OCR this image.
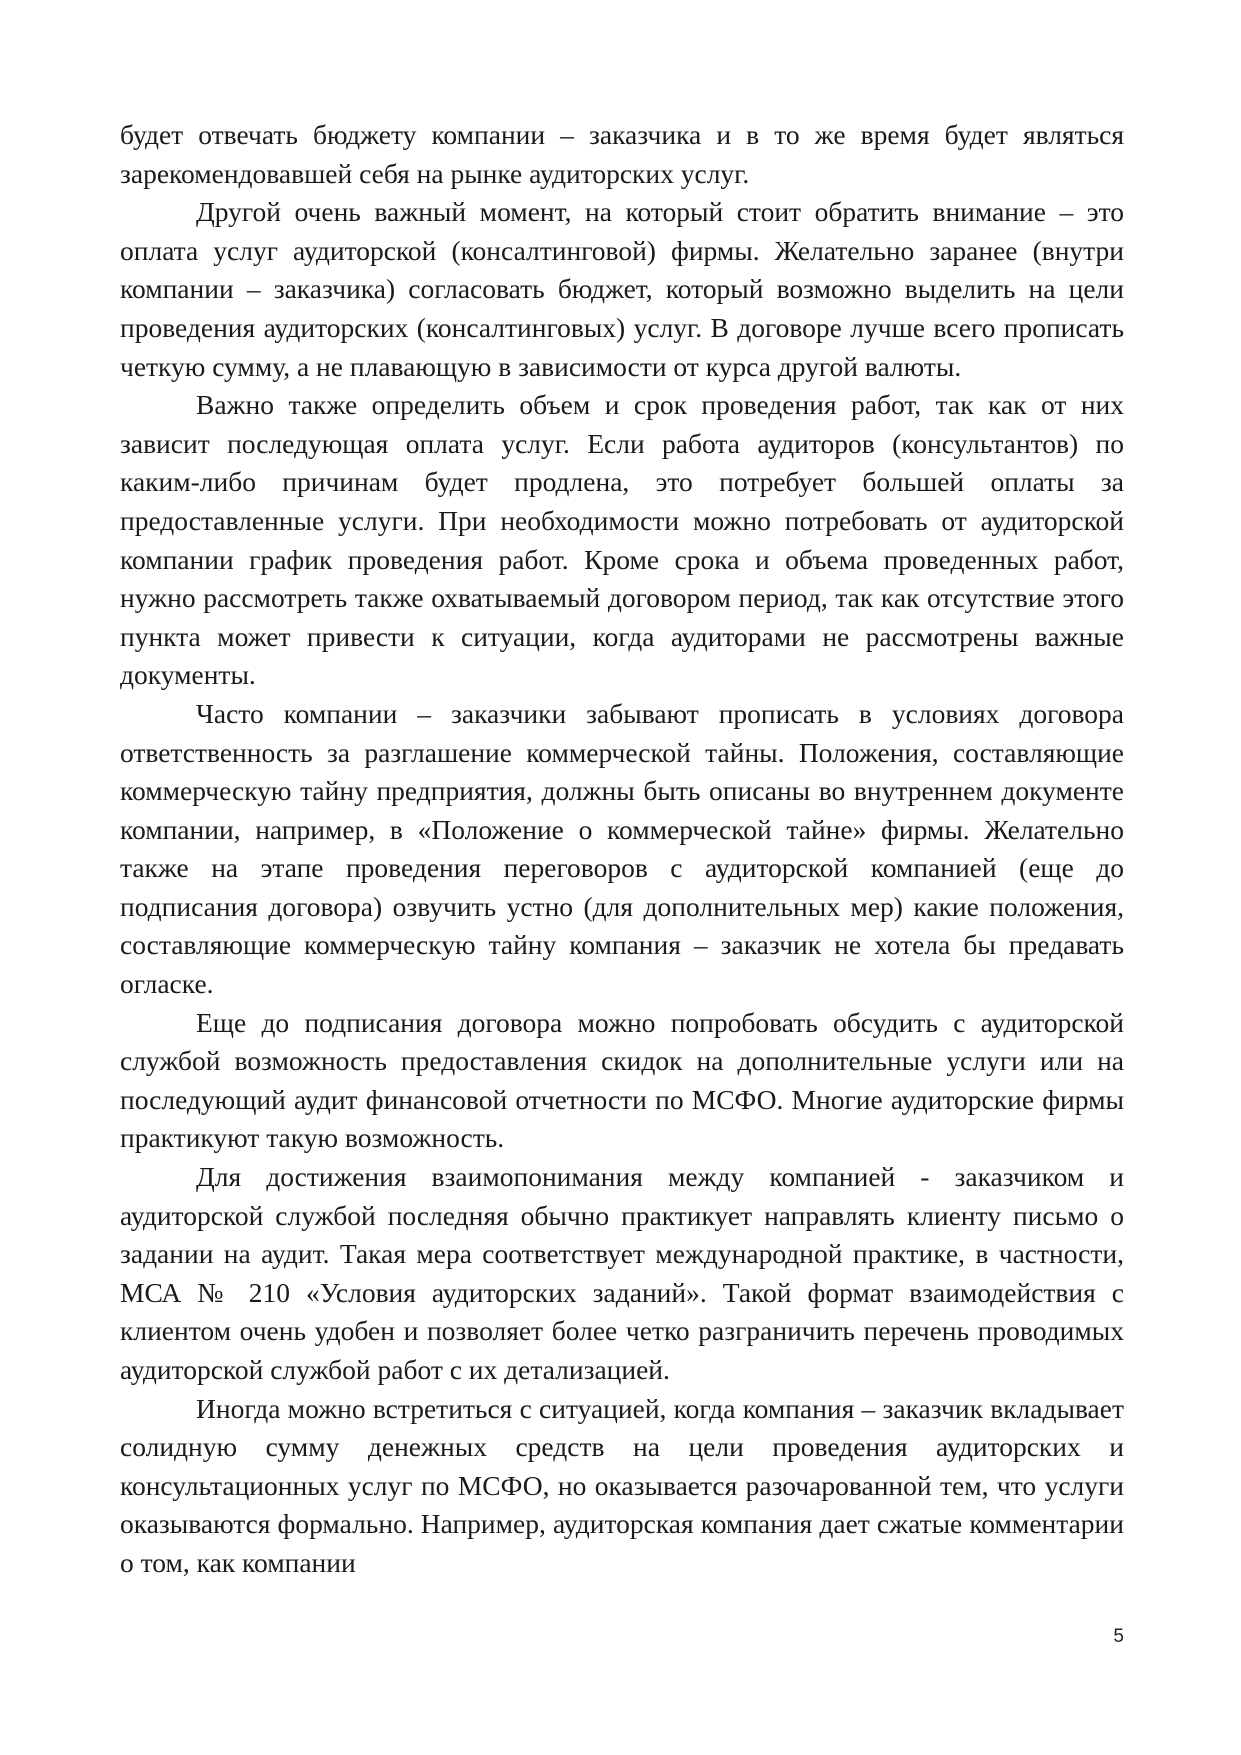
будет отвечать бюджету компании – заказчика и в то же время будет являться зарекомендовавшей себя на рынке аудиторских услуг.

Другой очень важный момент, на который стоит обратить внимание – это оплата услуг аудиторской (консалтинговой) фирмы. Желательно заранее (внутри компании – заказчика) согласовать бюджет, который возможно выделить на цели проведения аудиторских (консалтинговых) услуг. В договоре лучше всего прописать четкую сумму, а не плавающую в зависимости от курса другой валюты.

Важно также определить объем и срок проведения работ, так как от них зависит последующая оплата услуг. Если работа аудиторов (консультантов) по каким-либо причинам будет продлена, это потребует большей оплаты за предоставленные услуги. При необходимости можно потребовать от аудиторской компании график проведения работ. Кроме срока и объема проведенных работ, нужно рассмотреть также охватываемый договором период, так как отсутствие этого пункта может привести к ситуации, когда аудиторами не рассмотрены важные документы.

Часто компании – заказчики забывают прописать в условиях договора ответственность за разглашение коммерческой тайны. Положения, составляющие коммерческую тайну предприятия, должны быть описаны во внутреннем документе компании, например, в «Положение о коммерческой тайне» фирмы. Желательно также на этапе проведения переговоров с аудиторской компанией (еще до подписания договора) озвучить устно (для дополнительных мер) какие положения, составляющие коммерческую тайну компания – заказчик не хотела бы предавать огласке.

Еще до подписания договора можно попробовать обсудить с аудиторской службой возможность предоставления скидок на дополнительные услуги или на последующий аудит финансовой отчетности по МСФО. Многие аудиторские фирмы практикуют такую возможность.

Для достижения взаимопонимания между компанией - заказчиком и аудиторской службой последняя обычно практикует направлять клиенту письмо о задании на аудит. Такая мера соответствует международной практике, в частности, МСА № 210 «Условия аудиторских заданий». Такой формат взаимодействия с клиентом очень удобен и позволяет более четко разграничить перечень проводимых аудиторской службой работ с их детализацией.

Иногда можно встретиться с ситуацией, когда компания – заказчик вкладывает солидную сумму денежных средств на цели проведения аудиторских и консультационных услуг по МСФО, но оказывается разочарованной тем, что услуги оказываются формально. Например, аудиторская компания дает сжатые комментарии о том, как компании

5
